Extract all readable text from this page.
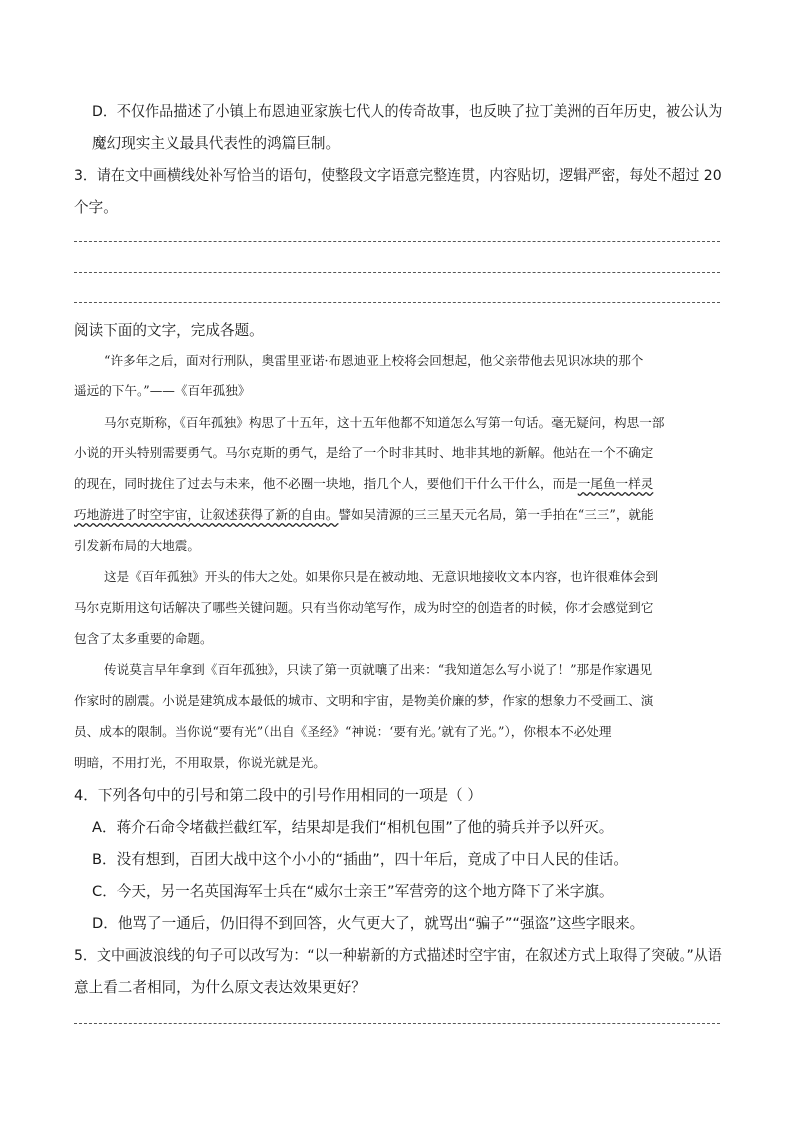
D．不仅作品描述了小镇上布恩迪亚家族七代人的传奇故事，也反映了拉丁美洲的百年历史，被公认为
魔幻现实主义最具代表性的鸿篇巨制。
3．请在文中画横线处补写恰当的语句，使整段文字语意完整连贯，内容贴切，逻辑严密，每处不超过 20
个字。
阅读下面的文字，完成各题。
“许多年之后，面对行刑队，奥雷里亚诺·布恩迪亚上校将会回想起，他父亲带他去见识冰块的那个
遥远的下午。”——《百年孤独》
马尔克斯称，《百年孤独》构思了十五年，这十五年他都不知道怎么写第一句话。毫无疑问，构思一部
小说的开头特别需要勇气。马尔克斯的勇气，是给了一个时非其时、地非其地的新解。他站在一个不确定
的现在，同时拢住了过去与未来，他不必圈一块地，指几个人，要他们干什么干什么，而是一尾鱼一样灵
巧地游进了时空宇宙，让叙述获得了新的自由。譬如吴清源的三三星天元名局，第一手拍在“三三”，就能
引发新布局的大地震。
这是《百年孤独》开头的伟大之处。如果你只是在被动地、无意识地接收文本内容，也许很难体会到
马尔克斯用这句话解决了哪些关键问题。只有当你动笔写作，成为时空的创造者的时候，你才会感觉到它
包含了太多重要的命题。
传说莫言早年拿到《百年孤独》，只读了第一页就嚷了出来：“我知道怎么写小说了！”那是作家遇见
作家时的剧震。小说是建筑成本最低的城市、文明和宇宙，是物美价廉的梦，作家的想象力不受画工、演
员、成本的限制。当你说“要有光”（出自《圣经》“神说：‘要有光。’就有了光。”），你根本不必处理
明暗，不用打光，不用取景，你说光就是光。
4．下列各句中的引号和第二段中的引号作用相同的一项是（ ）
A．蒋介石命令堵截拦截红军，结果却是我们“相机包围”了他的骑兵并予以歼灭。
B．没有想到，百团大战中这个小小的“插曲”，四十年后，竟成了中日人民的佳话。
C．今天，另一名英国海军士兵在“威尔士亲王”军营旁的这个地方降下了米字旗。
D．他骂了一通后，仍旧得不到回答，火气更大了，就骂出“骗子”“强盗”这些字眼来。
5．文中画波浪线的句子可以改写为：“以一种崭新的方式描述时空宇宙，在叙述方式上取得了突破。”从语
意上看二者相同，为什么原文表达效果更好？
